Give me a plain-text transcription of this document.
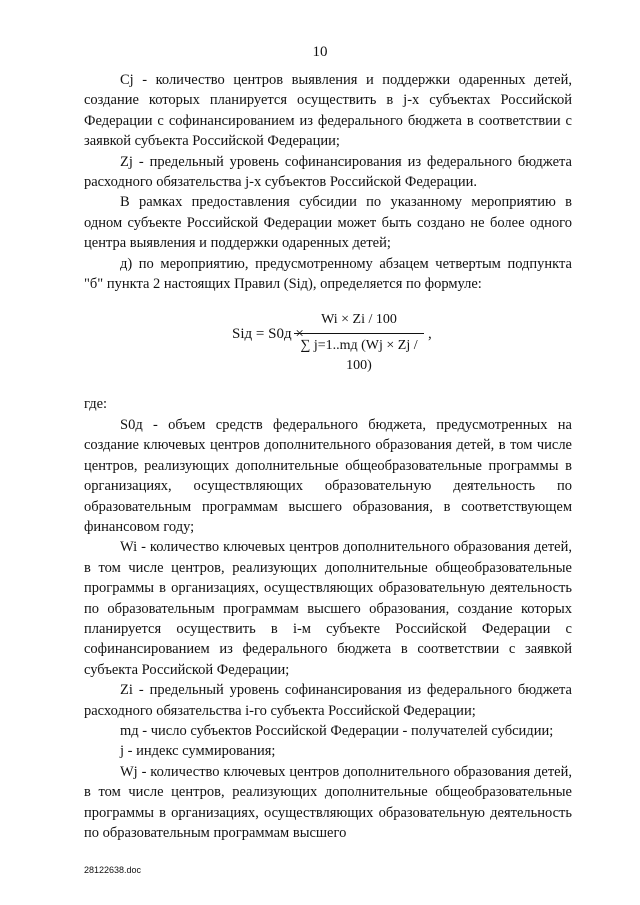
10

Cj - количество центров выявления и поддержки одаренных детей, создание которых планируется осуществить в j-х субъектах Российской Федерации с софинансированием из федерального бюджета в соответствии с заявкой субъекта Российской Федерации;

Zj - предельный уровень софинансирования из федерального бюджета расходного обязательства j-х субъектов Российской Федерации.

В рамках предоставления субсидии по указанному мероприятию в одном субъекте Российской Федерации может быть создано не более одного центра выявления и поддержки одаренных детей;

д) по мероприятию, предусмотренному абзацем четвертым подпункта "б" пункта 2 настоящих Правил (Siд), определяется по формуле:

Siд = S0д ×
Wi × Zi / 100
∑ j=1..mд (Wj × Zj / 100)
,

где:

S0д - объем средств федерального бюджета, предусмотренных на создание ключевых центров дополнительного образования детей, в том числе центров, реализующих дополнительные общеобразовательные программы в организациях, осуществляющих образовательную деятельность по образовательным программам высшего образования, в соответствующем финансовом году;

Wi - количество ключевых центров дополнительного образования детей, в том числе центров, реализующих дополнительные общеобразовательные программы в организациях, осуществляющих образовательную деятельность по образовательным программам высшего образования, создание которых планируется осуществить в i-м субъекте Российской Федерации с софинансированием из федерального бюджета в соответствии с заявкой субъекта Российской Федерации;

Zi - предельный уровень софинансирования из федерального бюджета расходного обязательства i-го субъекта Российской Федерации;

mд - число субъектов Российской Федерации - получателей субсидии;

j - индекс суммирования;

Wj - количество ключевых центров дополнительного образования детей, в том числе центров, реализующих дополнительные общеобразовательные программы в организациях, осуществляющих образовательную деятельность по образовательным программам высшего

28122638.doc
